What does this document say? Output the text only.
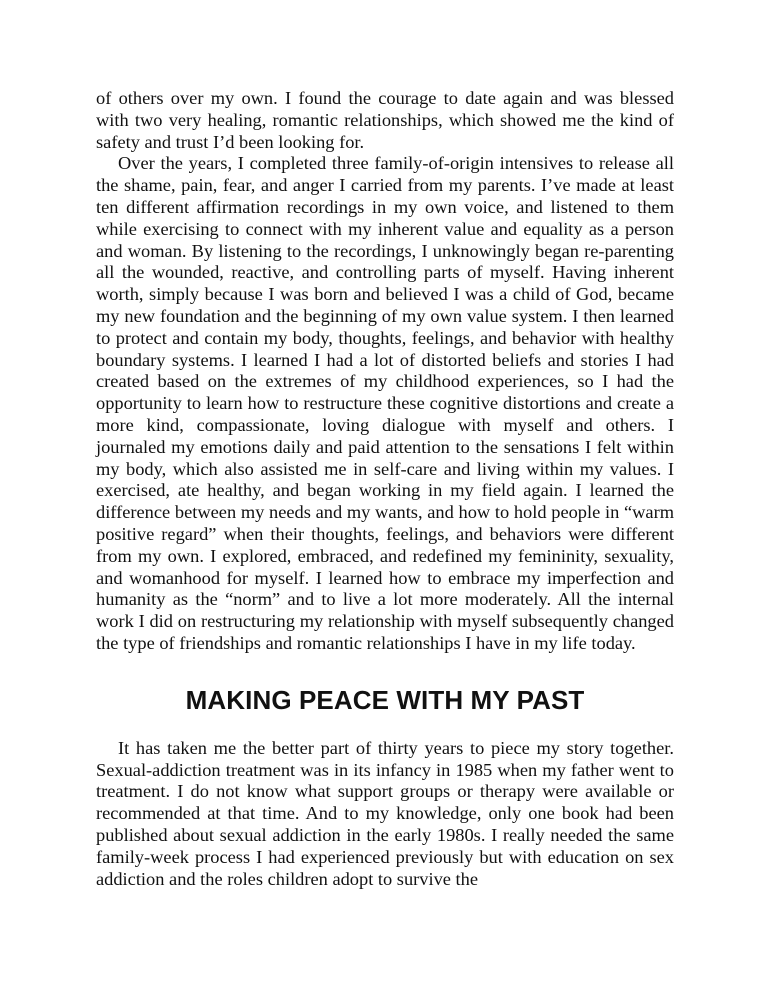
of others over my own. I found the courage to date again and was blessed with two very healing, romantic relationships, which showed me the kind of safety and trust I’d been looking for.

Over the years, I completed three family-of-origin intensives to release all the shame, pain, fear, and anger I carried from my parents. I’ve made at least ten different affirmation recordings in my own voice, and listened to them while exercising to connect with my inherent value and equality as a person and woman. By listening to the recordings, I unknowingly began re-parenting all the wounded, reactive, and controlling parts of myself. Having inherent worth, simply because I was born and believed I was a child of God, became my new foundation and the beginning of my own value system. I then learned to protect and contain my body, thoughts, feelings, and behavior with healthy boundary systems. I learned I had a lot of distorted beliefs and stories I had created based on the extremes of my childhood experiences, so I had the opportunity to learn how to restructure these cognitive distortions and create a more kind, compassionate, loving dialogue with myself and others. I journaled my emotions daily and paid attention to the sensations I felt within my body, which also assisted me in self-care and living within my values. I exercised, ate healthy, and began working in my field again. I learned the difference between my needs and my wants, and how to hold people in “warm positive regard” when their thoughts, feelings, and behaviors were different from my own. I explored, embraced, and redefined my femininity, sexuality, and womanhood for myself. I learned how to embrace my imperfection and humanity as the “norm” and to live a lot more moderately. All the internal work I did on restructuring my relationship with myself subsequently changed the type of friendships and romantic relationships I have in my life today.

MAKING PEACE WITH MY PAST

It has taken me the better part of thirty years to piece my story together. Sexual-addiction treatment was in its infancy in 1985 when my father went to treatment. I do not know what support groups or therapy were available or recommended at that time. And to my knowledge, only one book had been published about sexual addiction in the early 1980s. I really needed the same family-week process I had experienced previously but with education on sex addiction and the roles children adopt to survive the
